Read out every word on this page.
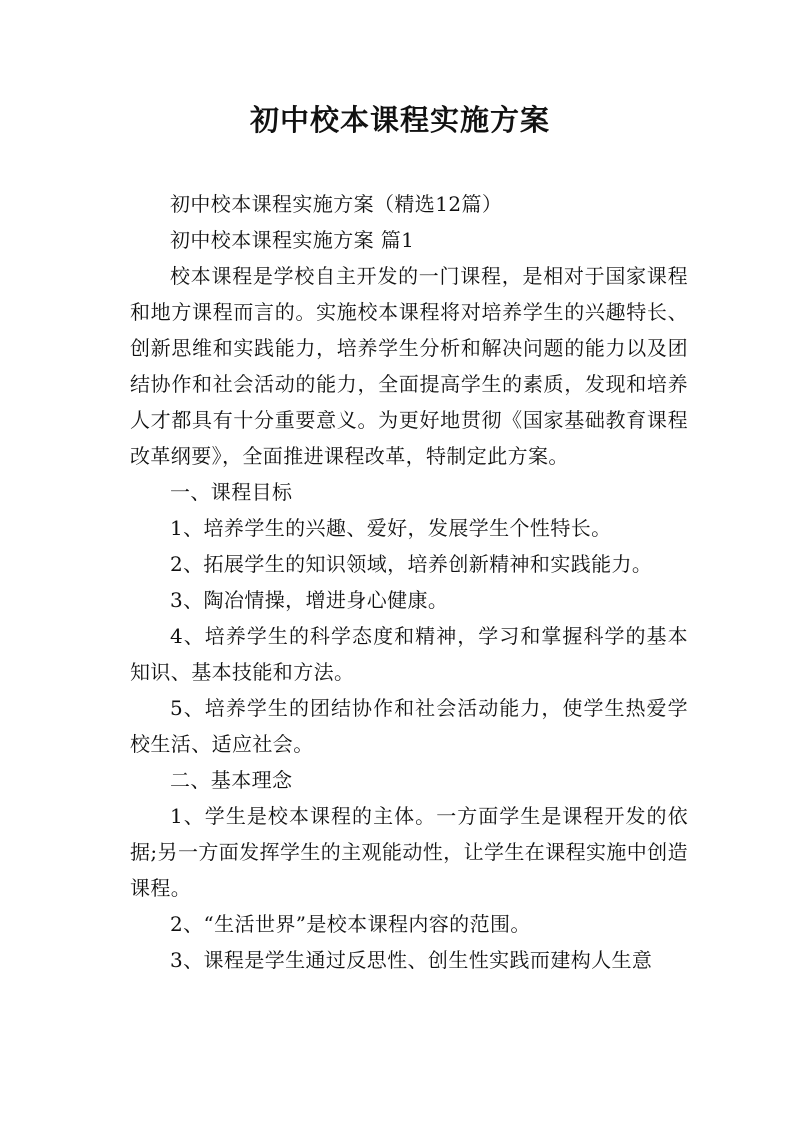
初中校本课程实施方案

初中校本课程实施方案（精选12篇）

初中校本课程实施方案 篇1

校本课程是学校自主开发的一门课程，是相对于国家课程和地方课程而言的。实施校本课程将对培养学生的兴趣特长、创新思维和实践能力，培养学生分析和解决问题的能力以及团结协作和社会活动的能力，全面提高学生的素质，发现和培养人才都具有十分重要意义。为更好地贯彻《国家基础教育课程改革纲要》，全面推进课程改革，特制定此方案。

一、课程目标

1、培养学生的兴趣、爱好，发展学生个性特长。

2、拓展学生的知识领域，培养创新精神和实践能力。

3、陶冶情操，增进身心健康。

4、培养学生的科学态度和精神，学习和掌握科学的基本知识、基本技能和方法。

5、培养学生的团结协作和社会活动能力，使学生热爱学校生活、适应社会。

二、基本理念

1、学生是校本课程的主体。一方面学生是课程开发的依据;另一方面发挥学生的主观能动性，让学生在课程实施中创造课程。

2、“生活世界”是校本课程内容的范围。

3、课程是学生通过反思性、创生性实践而建构人生意
